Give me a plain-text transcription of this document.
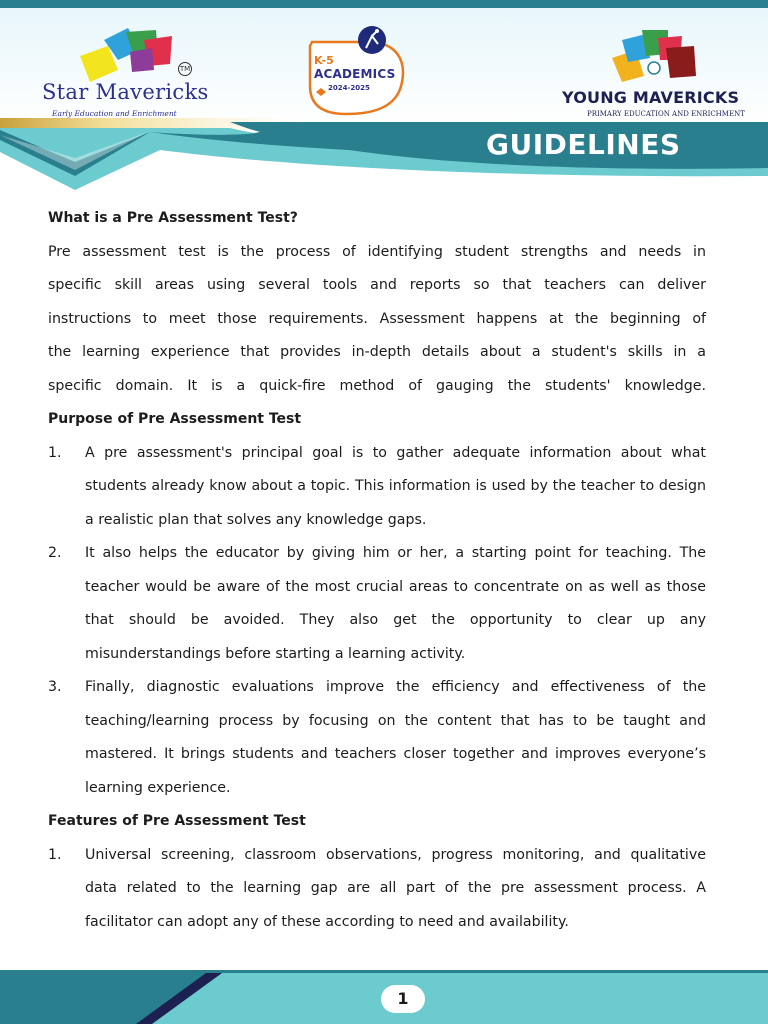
TM
Star Mavericks
Early Education and Enrichment
K-5
ACADEMICS
2024-2025	YOUNG MAVERICKS
PRIMARY EDUCATION AND ENRICHMENT
GUIDELINES
What is a Pre Assessment Test?
Pre assessment test is the process of identifying student strengths and needs in
specific skill areas using several tools and reports so that teachers can deliver
instructions to meet those requirements. Assessment happens at the beginning of
the learning experience that provides in-depth details about a student's skills in a
specific domain. It is a quick-fire method of gauging the students' knowledge.
Purpose of Pre Assessment Test
1. A pre assessment's principal goal is to gather adequate information about what students already know about a topic. This information is used by the teacher to design a realistic plan that solves any knowledge gaps.
2. It also helps the educator by giving him or her, a starting point for teaching. The teacher would be aware of the most crucial areas to concentrate on as well as those that should be avoided. They also get the opportunity to clear up any misunderstandings before starting a learning activity.
3. Finally, diagnostic evaluations improve the efficiency and effectiveness of the teaching/learning process by focusing on the content that has to be taught and mastered. It brings students and teachers closer together and improves everyone’s learning experience.
Features of Pre Assessment Test
1. Universal screening, classroom observations, progress monitoring, and qualitative data related to the learning gap are all part of the pre assessment process. A facilitator can adopt any of these according to need and availability.
1
